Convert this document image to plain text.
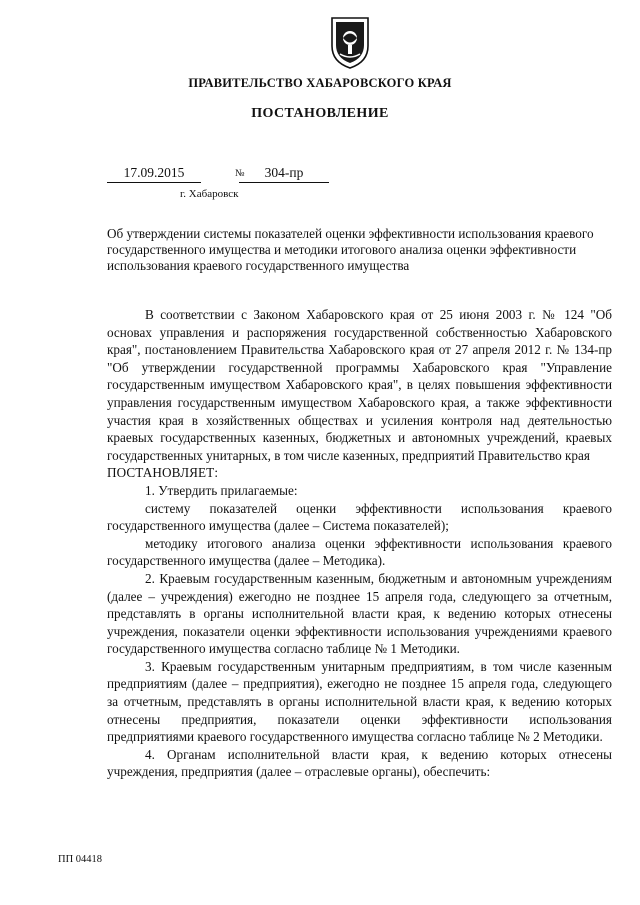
ПРАВИТЕЛЬСТВО ХАБАРОВСКОГО КРАЯ
ПОСТАНОВЛЕНИЕ
17.09.2015	№	304-пр
г. Хабаровск
Об утверждении системы показателей оценки эффективности использования краевого государственного имущества и методики итогового анализа оценки эффективности использования краевого государственного имущества

В соответствии с Законом Хабаровского края от 25 июня 2003 г. № 124 "Об основах управления и распоряжения государственной собственностью Хабаровского края", постановлением Правительства Хабаровского края от 27 апреля 2012 г. № 134-пр "Об утверждении государственной программы Хабаровского края "Управление государственным имуществом Хабаровского края", в целях повышения эффективности управления государственным имуществом Хабаровского края, а также эффективности участия края в хозяйственных обществах и усиления контроля над деятельностью краевых государственных казенных, бюджетных и автономных учреждений, краевых государственных унитарных, в том числе казенных, предприятий Правительство края

ПОСТАНОВЛЯЕТ:

1. Утвердить прилагаемые:

систему показателей оценки эффективности использования краевого государственного имущества (далее – Система показателей);

методику итогового анализа оценки эффективности использования краевого государственного имущества (далее – Методика).

2. Краевым государственным казенным, бюджетным и автономным учреждениям (далее – учреждения) ежегодно не позднее 15 апреля года, следующего за отчетным, представлять в органы исполнительной власти края, к ведению которых отнесены учреждения, показатели оценки эффективности использования учреждениями краевого государственного имущества согласно таблице № 1 Методики.

3. Краевым государственным унитарным предприятиям, в том числе казенным предприятиям (далее – предприятия), ежегодно не позднее 15 апреля года, следующего за отчетным, представлять в органы исполнительной власти края, к ведению которых отнесены предприятия, показатели оценки эффективности использования предприятиями краевого государственного имущества согласно таблице № 2 Методики.

4. Органам исполнительной власти края, к ведению которых отнесены учреждения, предприятия (далее – отраслевые органы), обеспечить:

ПП 04418
